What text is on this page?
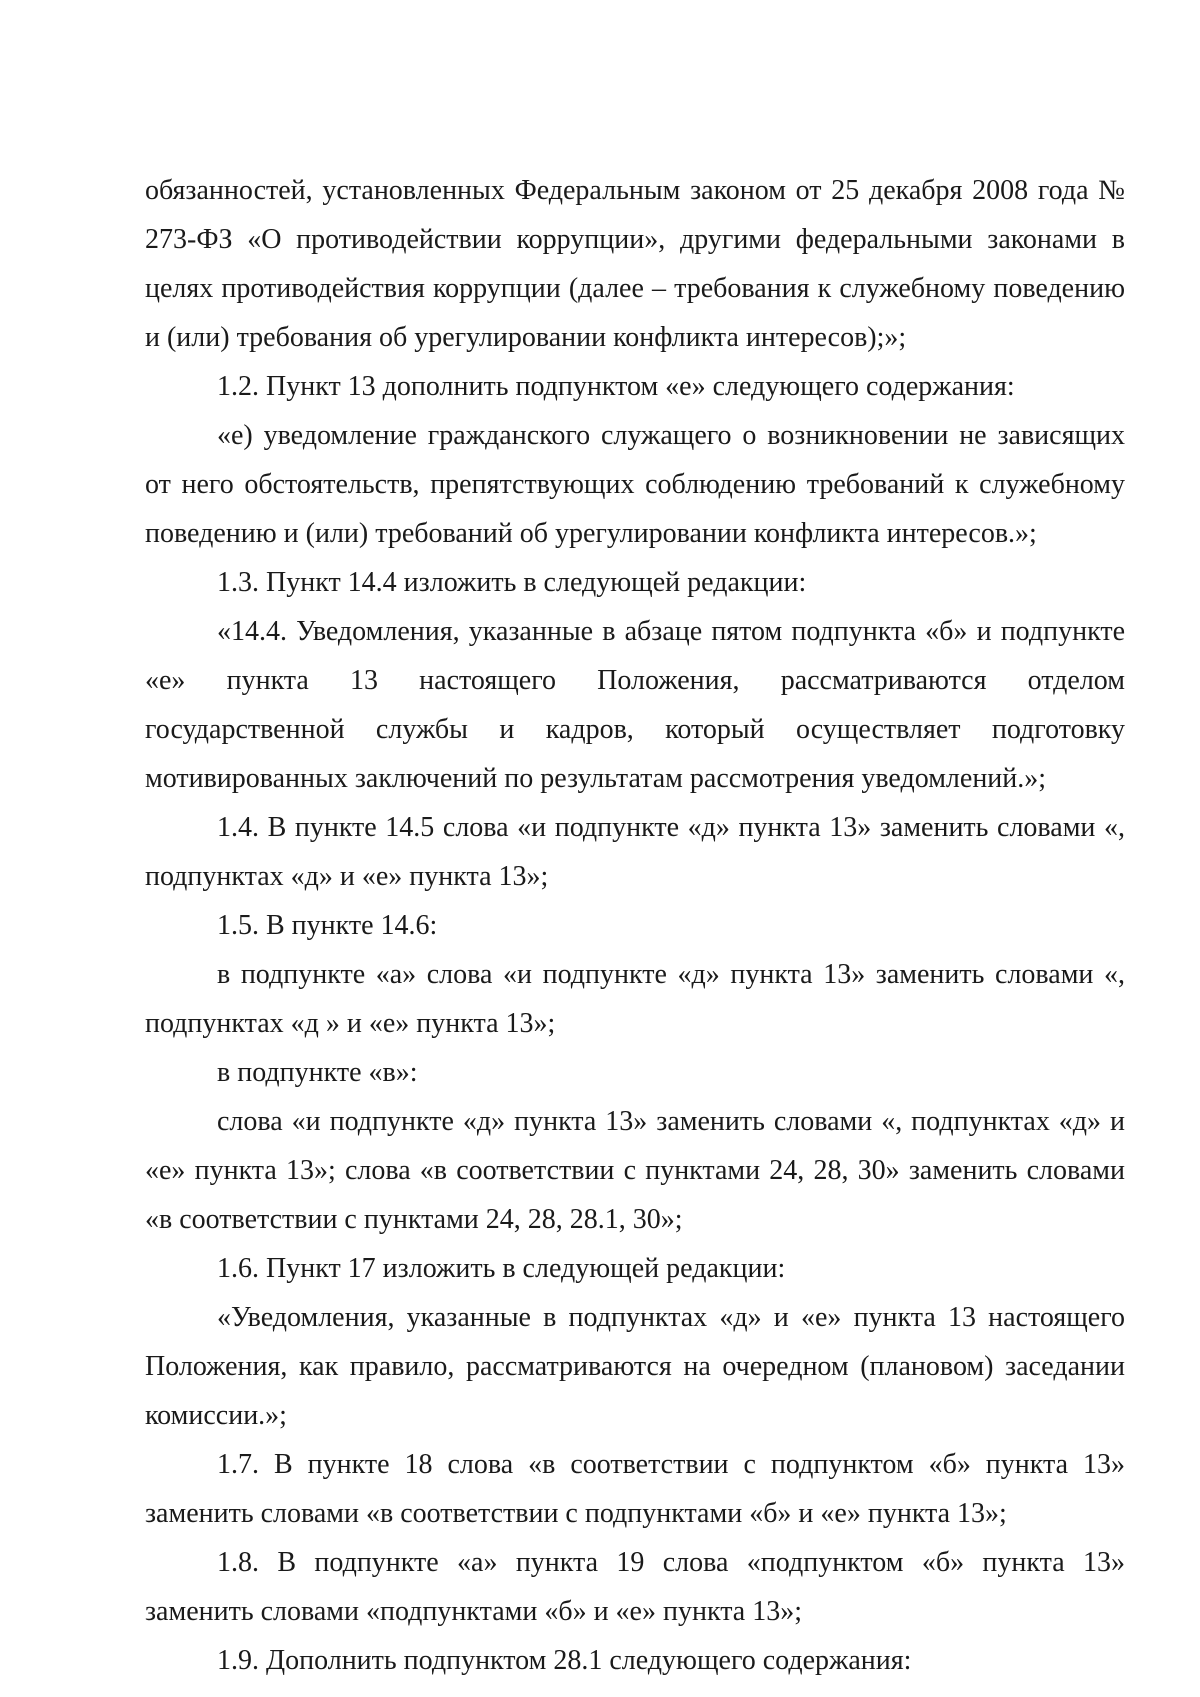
обязанностей, установленных Федеральным законом от 25 декабря 2008 года № 273-ФЗ «О противодействии коррупции», другими федеральными законами в целях противодействия коррупции (далее – требования к служебному поведению и (или) требования об урегулировании конфликта интересов);»;

1.2. Пункт 13 дополнить подпунктом «е» следующего содержания:

«е) уведомление гражданского служащего о возникновении не зависящих от него обстоятельств, препятствующих соблюдению требований к служебному поведению и (или) требований об урегулировании конфликта интересов.»;

1.3. Пункт 14.4 изложить в следующей редакции:

«14.4. Уведомления, указанные в абзаце пятом подпункта «б» и подпункте «е» пункта 13 настоящего Положения, рассматриваются отделом государственной службы и кадров, который осуществляет подготовку мотивированных заключений по результатам рассмотрения уведомлений.»;

1.4. В пункте 14.5 слова «и подпункте «д» пункта 13» заменить словами «, подпунктах «д» и «е» пункта 13»;

1.5. В пункте 14.6:

в подпункте «а» слова «и подпункте «д» пункта 13» заменить словами «, подпунктах «д » и «е» пункта 13»;

в подпункте «в»:

слова «и подпункте «д» пункта 13» заменить словами «, подпунктах «д» и «е» пункта 13»; слова «в соответствии с пунктами 24, 28, 30» заменить словами «в соответствии с пунктами 24, 28, 28.1, 30»;

1.6. Пункт 17 изложить в следующей редакции:

«Уведомления, указанные в подпунктах «д» и «е» пункта 13 настоящего Положения, как правило, рассматриваются на очередном (плановом) заседании комиссии.»;

1.7. В пункте 18 слова «в соответствии с подпунктом «б» пункта 13» заменить словами «в соответствии с подпунктами «б» и «е» пункта 13»;

1.8. В подпункте «а» пункта 19 слова «подпунктом «б» пункта 13» заменить словами «подпунктами «б» и «е» пункта 13»;

1.9. Дополнить подпунктом 28.1 следующего содержания:
